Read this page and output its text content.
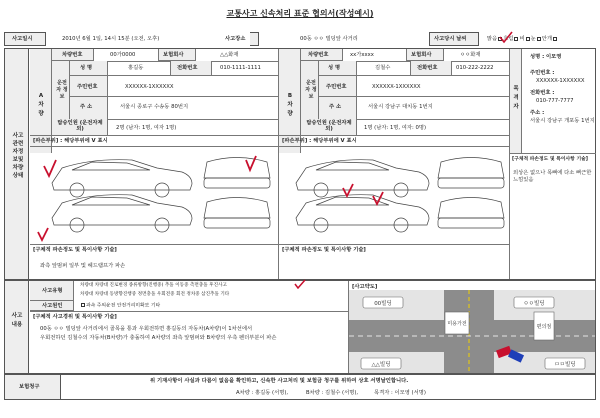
교통사고 신속처리 표준 협의서(작성예시)
사고일시	2010년 6월 1일, 14시 15분 (오전, 오후)	사고장소	00동 ㅇㅇ 빌딩앞 사거리	사고당시 날씨	맑음 흐림 비 눈 안개
사고관련자정보및차량상태
A 차량
차량번호	00가0000	보험회사	△△화재
운전자 정보
성 명	홍길동	전화번호	010-1111-1111
주민번호	XXXXXX-1XXXXXX
주 소	서울시 종로구 수송동 80번지
탑승인원 (운전자제외)	2명 (남자: 1명, 여자 1명)
[파손부위] : 해당부위에 V 표시
[구체적 파손정도 및 특이사항 기술]
좌측 앞범퍼 일부 및 헤드램프가 파손
B 차량
차량번호	xx가xxxx	보험회사	ㅇㅇ화재
운전자 정보
성 명	김철수	전화번호	010-222-2222
주민번호	XXXXXX-1XXXXXX
주 소	서울시 강남구 대치동 1번지
탑승인원 (운전자제외)	1명 (남자: 1명, 여자: 0명)
[파손부위] : 해당부위에 V 표시
[구체적 파손정도 및 특이사항 기술]
목격자
성명 : 이모영
주민번호 :
XXXXXX-1XXXXXX
전화번호 :
010-777-7777
주소 :
서울시 강남구 개포동 1번지
[구체적 파손정도 및 특이사항 기술]
외상은 없으나 목뼈에 다소 뻐근한 느낌있음
사고내용
사고유형
차량대 차량대 진로변경 종류방향(진행중) 추돌 이동중 측면충돌 후진사고
차량대 차량대 동방향진행중 정면충돌 우회전중 회전 정차중 삼진추돌 기타
사고원인	과속 주의운전 안전거리미확보 기타
[구체적 사고경위 및 특이사항 기술]
00동 ㅇㅇ 빌딩앞 사거리에서 골목을 통과 우회전하면 홍길동의 자동차(A차량)이 1차선에서
우회전하던 김철수의 자동차(B차량)가 충돌하여 A차량의 좌측 앞범퍼와 B차량의 우측 펜더부분이 파손
[사고약도]
00빌딩	ㅇㅇ빌딩
미용가전	편의점
△△빌딩	ㅁㅁ빌딩
보험청구
위 기재사항이 사실과 다름이 없음을 확인하고, 신속한 사고처리 및 보험금 청구를 위하여 상호 서명날인합니다.
A차량 : 홍길동 (서명),	B차량 : 김철수 (서명),	목격자 : 이모영 (서명)
